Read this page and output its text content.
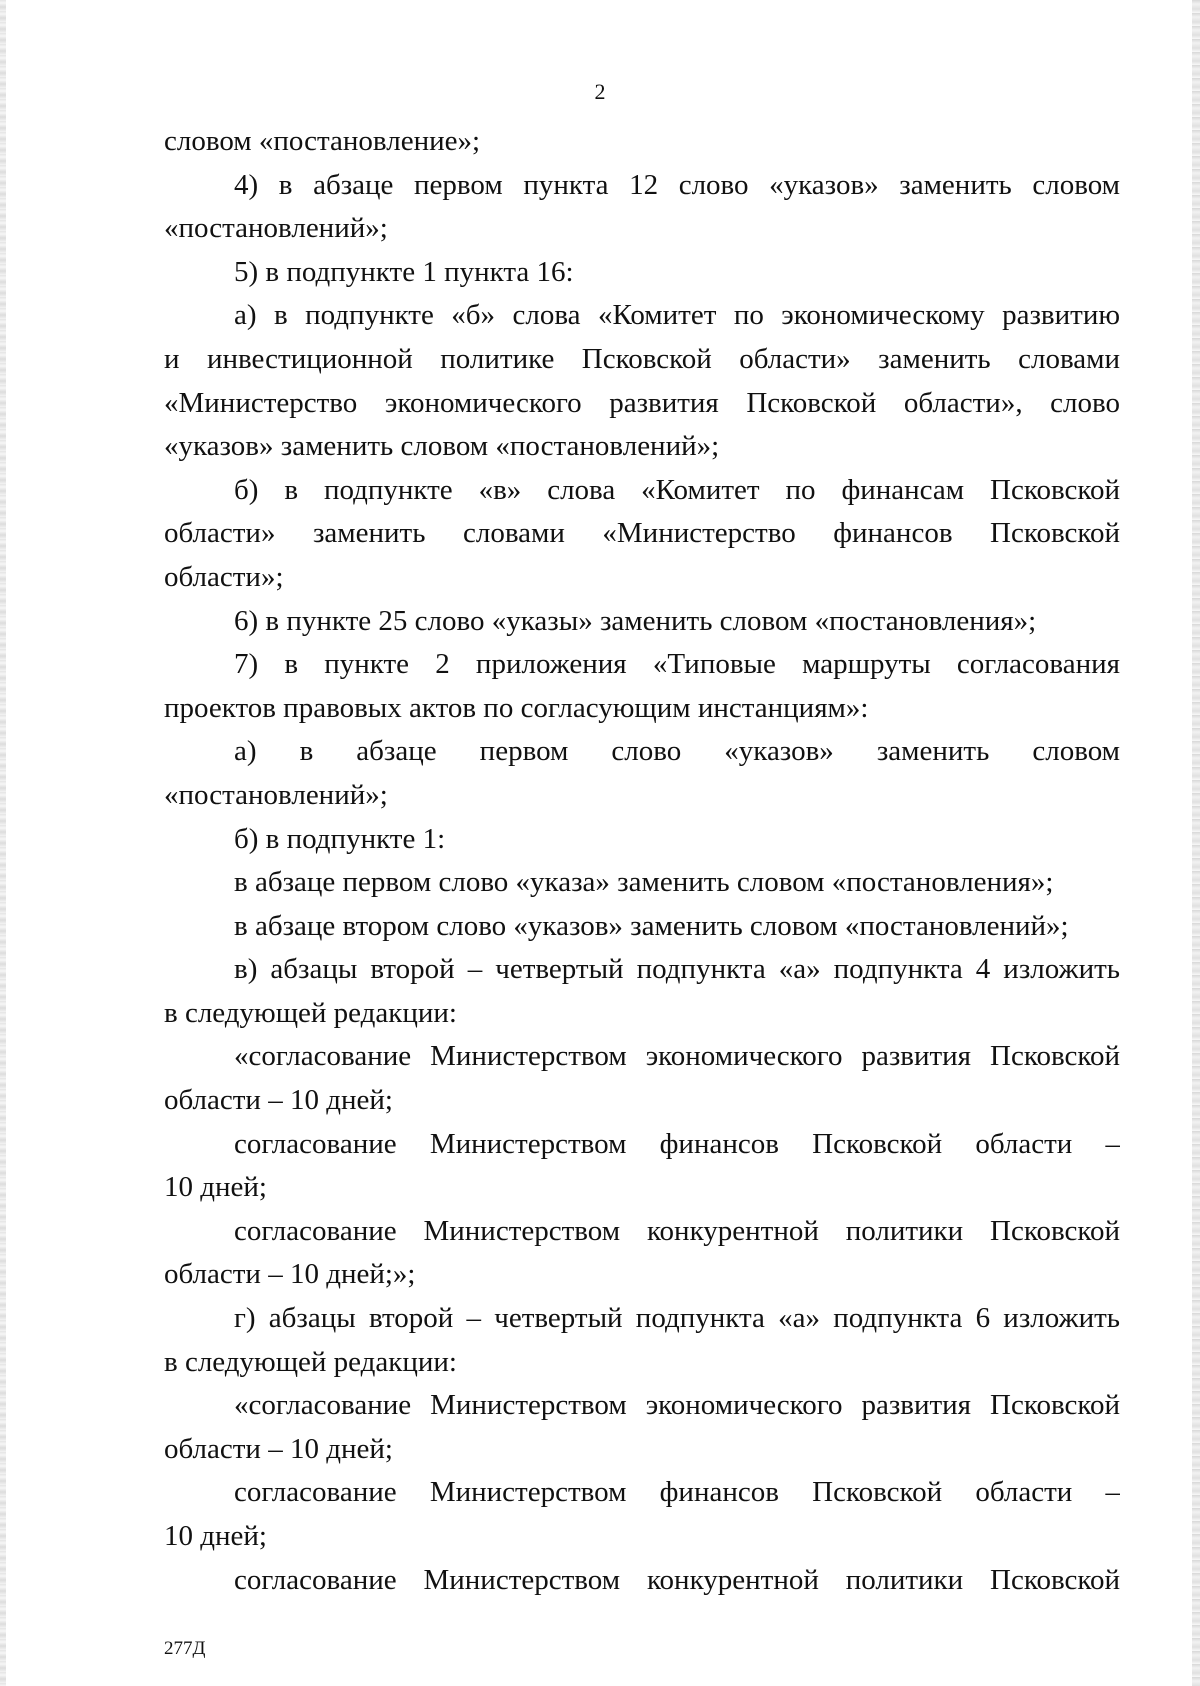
2
словом «постановление»;
4) в абзаце первом пункта 12 слово «указов» заменить словом
«постановлений»;
5) в подпункте 1 пункта 16:
а) в подпункте «б» слова «Комитет по экономическому развитию
и инвестиционной политике Псковской области» заменить словами
«Министерство экономического развития Псковской области», слово
«указов» заменить словом «постановлений»;
б) в подпункте «в» слова «Комитет по финансам Псковской
области» заменить словами «Министерство финансов Псковской
области»;
6) в пункте 25 слово «указы» заменить словом «постановления»;
7) в пункте 2 приложения «Типовые маршруты согласования
проектов правовых актов по согласующим инстанциям»:
а) в абзаце первом слово «указов» заменить словом
«постановлений»;
б) в подпункте 1:
в абзаце первом слово «указа» заменить словом «постановления»;
в абзаце втором слово «указов» заменить словом «постановлений»;
в) абзацы второй – четвертый подпункта «а» подпункта 4 изложить
в следующей редакции:
«согласование Министерством экономического развития Псковской
области – 10 дней;
согласование Министерством финансов Псковской области –
10 дней;
согласование Министерством конкурентной политики Псковской
области – 10 дней;»;
г) абзацы второй – четвертый подпункта «а» подпункта 6 изложить
в следующей редакции:
«согласование Министерством экономического развития Псковской
области – 10 дней;
согласование Министерством финансов Псковской области –
10 дней;
согласование Министерством конкурентной политики Псковской
277Д
